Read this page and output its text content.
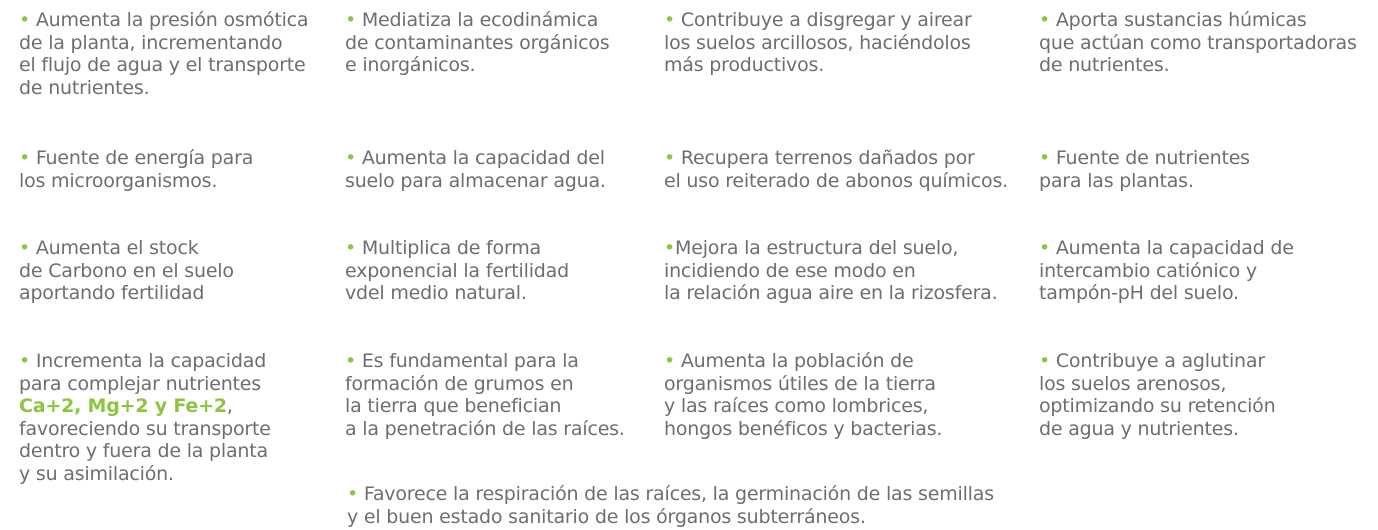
• Aumenta la presión osmótica
de la planta, incrementando
el flujo de agua y el transporte
de nutrientes.
• Mediatiza la ecodinámica
de contaminantes orgánicos
e inorgánicos.
• Contribuye a disgregar y airear
los suelos arcillosos, haciéndolos
más productivos.
• Aporta sustancias húmicas
que actúan como transportadoras
de nutrientes.
• Fuente de energía para
los microorganismos.
• Aumenta la capacidad del
suelo para almacenar agua.
• Recupera terrenos dañados por
el uso reiterado de abonos químicos.
• Fuente de nutrientes
para las plantas.
• Aumenta el stock
de Carbono en el suelo
aportando fertilidad
• Multiplica de forma
exponencial la fertilidad
vdel medio natural.
•Mejora la estructura del suelo,
incidiendo de ese modo en
la relación agua aire en la rizosfera.
• Aumenta la capacidad de
intercambio catiónico y
tampón-pH del suelo.
• Incrementa la capacidad
para complejar nutrientes
Ca+2, Mg+2 y Fe+2,
favoreciendo su transporte
dentro y fuera de la planta
y su asimilación.
• Es fundamental para la
formación de grumos en
la tierra que benefician
a la penetración de las raíces.
• Aumenta la población de
organismos útiles de la tierra
y las raíces como lombrices,
hongos benéficos y bacterias.
• Contribuye a aglutinar
los suelos arenosos,
optimizando su retención
de agua y nutrientes.
• Favorece la respiración de las raíces, la germinación de las semillas
y el buen estado sanitario de los órganos subterráneos.
